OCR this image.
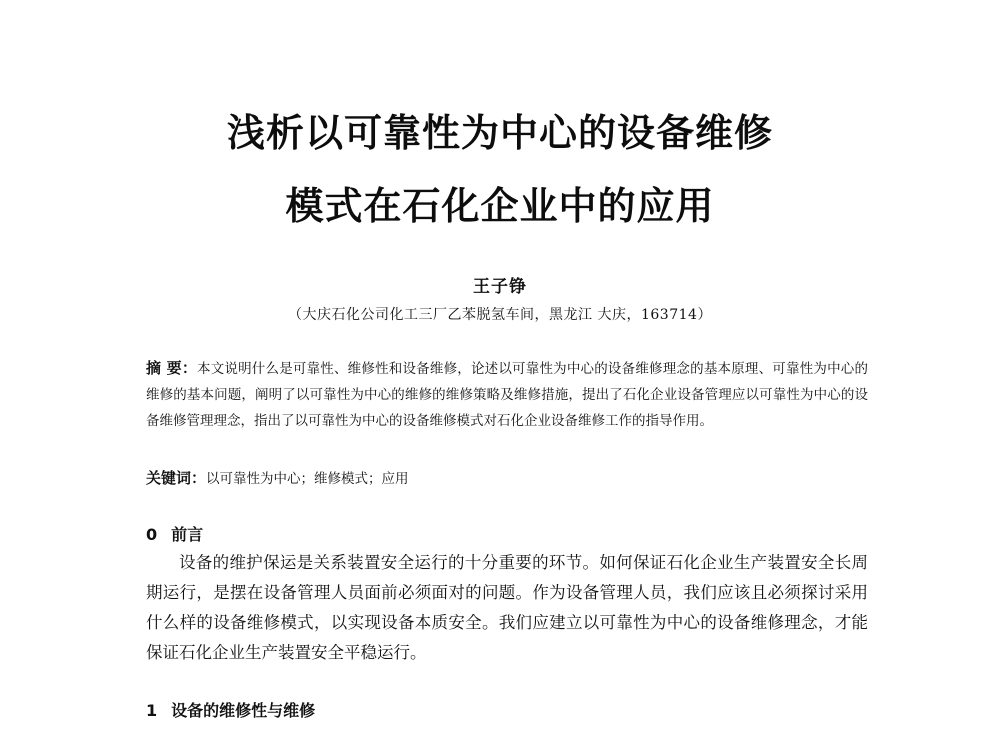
浅析以可靠性为中心的设备维修
模式在石化企业中的应用
王子铮
（大庆石化公司化工三厂乙苯脱氢车间，黑龙江 大庆，163714）
摘 要：本文说明什么是可靠性、维修性和设备维修，论述以可靠性为中心的设备维修理念的基本原理、可靠性为中心的维修的基本问题，阐明了以可靠性为中心的维修的维修策略及维修措施，提出了石化企业设备管理应以可靠性为中心的设备维修管理理念，指出了以可靠性为中心的设备维修模式对石化企业设备维修工作的指导作用。
关键词：以可靠性为中心；维修模式；应用
0 前言
设备的维护保运是关系装置安全运行的十分重要的环节。如何保证石化企业生产装置安全长周期运行，是摆在设备管理人员面前必须面对的问题。作为设备管理人员，我们应该且必须探讨采用什么样的设备维修模式，以实现设备本质安全。我们应建立以可靠性为中心的设备维修理念，才能保证石化企业生产装置安全平稳运行。
1 设备的维修性与维修
